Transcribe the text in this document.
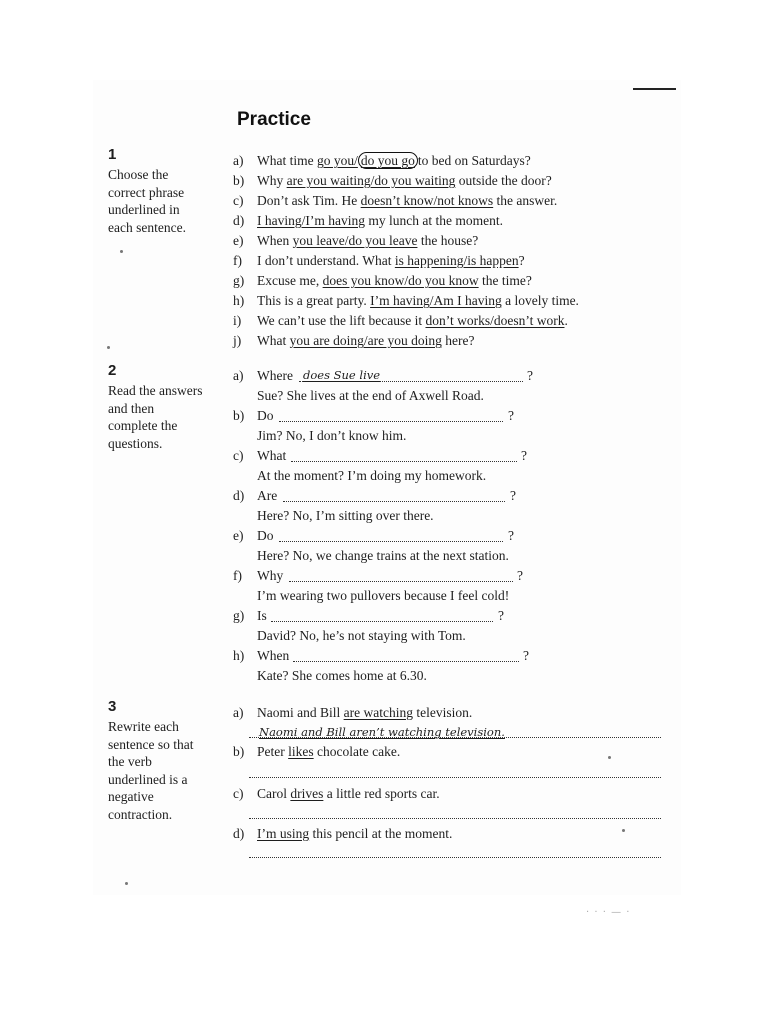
Practice
1
Choose the
correct phrase
underlined in
each sentence.
a) What time go you/ do you go to bed on Saturdays?
b) Why are you waiting/do you waiting outside the door?
c) Don’t ask Tim. He doesn’t know/not knows the answer.
d) I having/I’m having my lunch at the moment.
e) When you leave/do you leave the house?
f) I don’t understand. What is happening/is happen?
g) Excuse me, does you know/do you know the time?
h) This is a great party. I’m having/Am I having a lovely time.
i) We can’t use the lift because it don’t works/doesn’t work.
j) What you are doing/are you doing here?
2
Read the answers
and then
complete the
questions.
a) Where does Sue live	?
Sue? She lives at the end of Axwell Road.
b) Do	?
Jim? No, I don’t know him.
c) What	?
At the moment? I’m doing my homework.
d) Are	?
Here? No, I’m sitting over there.
e) Do	?
Here? No, we change trains at the next station.
f) Why	?
I’m wearing two pullovers because I feel cold!
g) Is	?
David? No, he’s not staying with Tom.
h) When	?
Kate? She comes home at 6.30.
3
Rewrite each
sentence so that
the verb
underlined is a
negative
contraction.
a) Naomi and Bill are watching television.
Naomi and Bill aren’t watching television.
b) Peter likes chocolate cake.
c) Carol drives a little red sports car.
d) I’m using this pencil at the moment.
· · · — ·
